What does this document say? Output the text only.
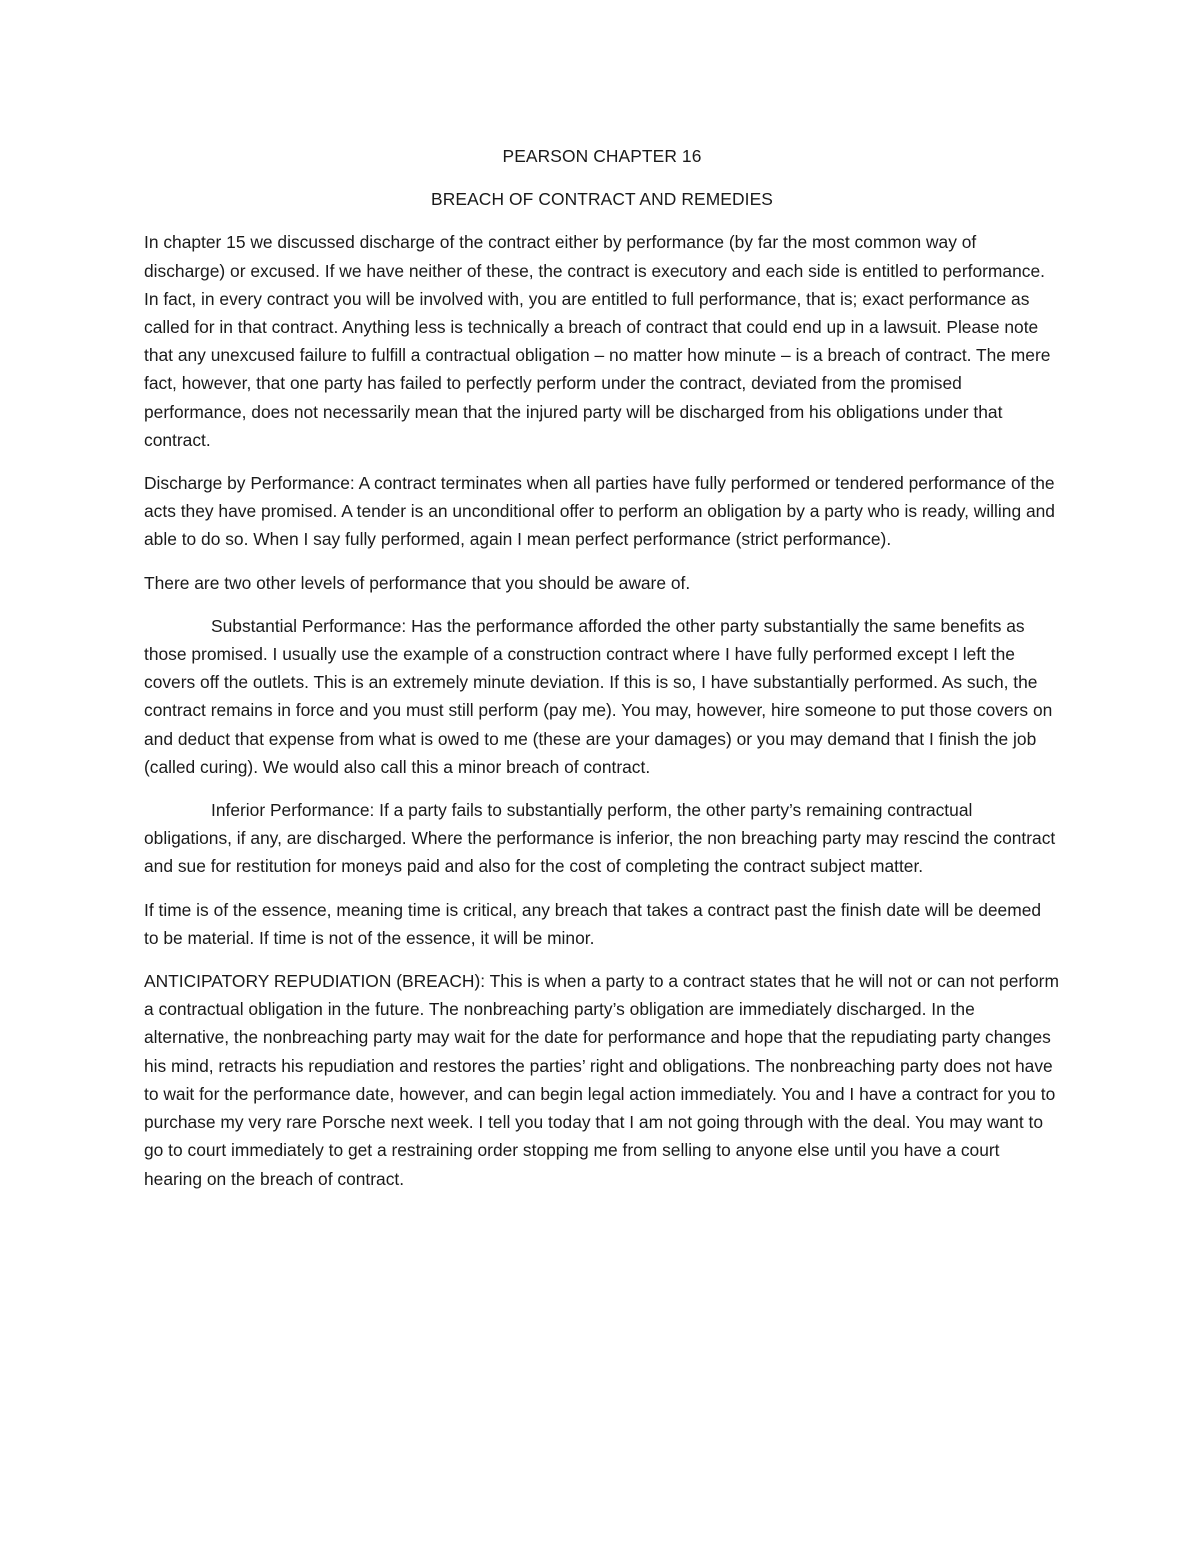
PEARSON CHAPTER 16
BREACH OF CONTRACT AND REMEDIES

In chapter 15 we discussed discharge of the contract either by performance (by far the most common way of discharge) or excused. If we have neither of these, the contract is executory and each side is entitled to performance. In fact, in every contract you will be involved with, you are entitled to full performance, that is; exact performance as called for in that contract. Anything less is technically a breach of contract that could end up in a lawsuit. Please note that any unexcused failure to fulfill a contractual obligation – no matter how minute – is a breach of contract. The mere fact, however, that one party has failed to perfectly perform under the contract, deviated from the promised performance, does not necessarily mean that the injured party will be discharged from his obligations under that contract.

Discharge by Performance: A contract terminates when all parties have fully performed or tendered performance of the acts they have promised. A tender is an unconditional offer to perform an obligation by a party who is ready, willing and able to do so. When I say fully performed, again I mean perfect performance (strict performance).

There are two other levels of performance that you should be aware of.

Substantial Performance: Has the performance afforded the other party substantially the same benefits as those promised. I usually use the example of a construction contract where I have fully performed except I left the covers off the outlets. This is an extremely minute deviation. If this is so, I have substantially performed. As such, the contract remains in force and you must still perform (pay me). You may, however, hire someone to put those covers on and deduct that expense from what is owed to me (these are your damages) or you may demand that I finish the job (called curing). We would also call this a minor breach of contract.

Inferior Performance: If a party fails to substantially perform, the other party’s remaining contractual obligations, if any, are discharged. Where the performance is inferior, the non breaching party may rescind the contract and sue for restitution for moneys paid and also for the cost of completing the contract subject matter.

If time is of the essence, meaning time is critical, any breach that takes a contract past the finish date will be deemed to be material. If time is not of the essence, it will be minor.

ANTICIPATORY REPUDIATION (BREACH): This is when a party to a contract states that he will not or can not perform a contractual obligation in the future. The nonbreaching party’s obligation are immediately discharged. In the alternative, the nonbreaching party may wait for the date for performance and hope that the repudiating party changes his mind, retracts his repudiation and restores the parties’ right and obligations. The nonbreaching party does not have to wait for the performance date, however, and can begin legal action immediately. You and I have a contract for you to purchase my very rare Porsche next week. I tell you today that I am not going through with the deal. You may want to go to court immediately to get a restraining order stopping me from selling to anyone else until you have a court hearing on the breach of contract.
